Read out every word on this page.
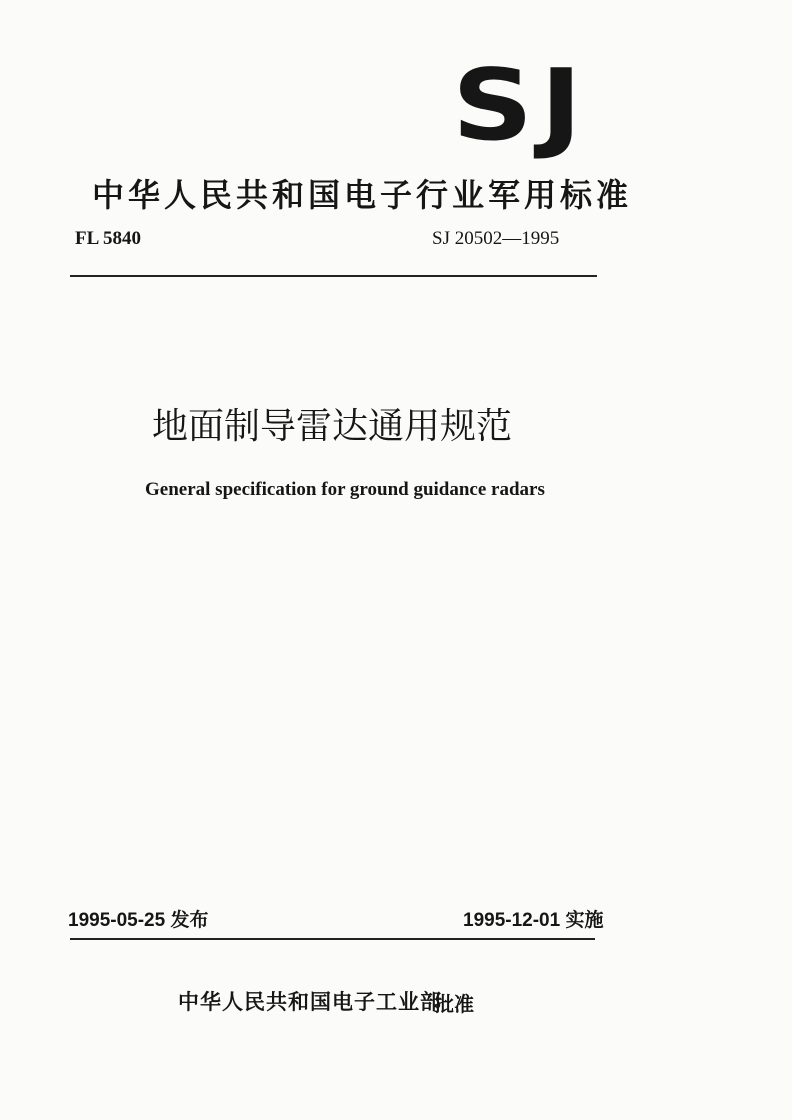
SJ
中华人民共和国电子行业军用标准
FL 5840	SJ 20502—1995
地面制导雷达通用规范
General specification for ground guidance radars
1995-05-25 发布	1995-12-01 实施
中华人民共和国电子工业部
批准
